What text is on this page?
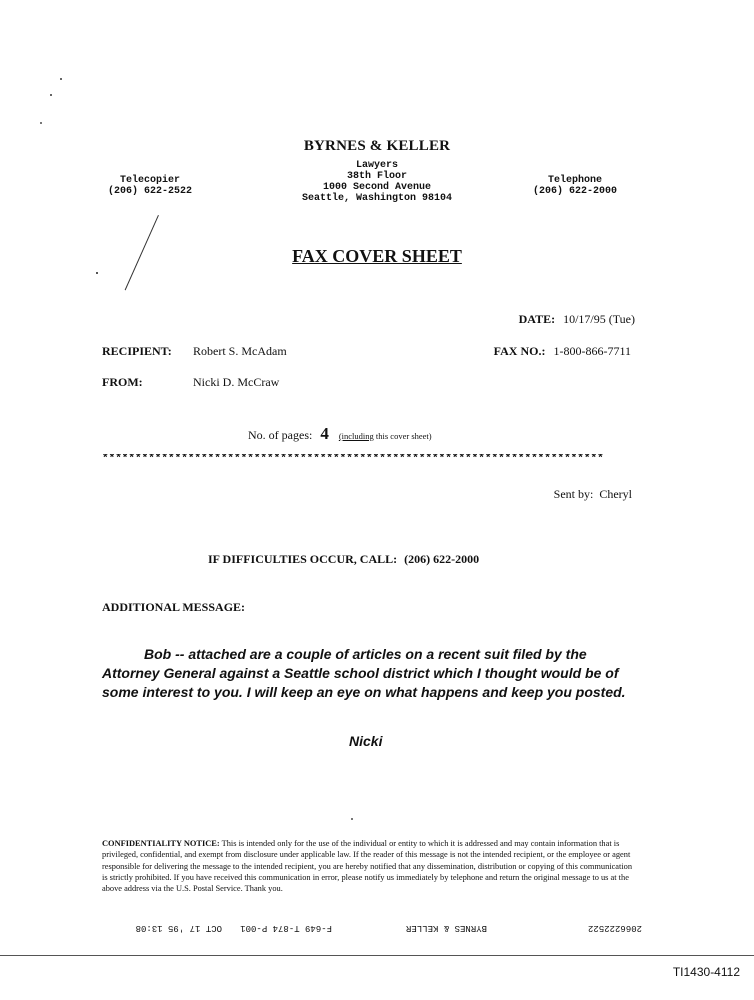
BYRNES & KELLER
Lawyers
38th Floor
1000 Second Avenue
Seattle, Washington 98104
Telecopier
(206) 622-2522
Telephone
(206) 622-2000
FAX COVER SHEET
DATE: 10/17/95 (Tue)
RECIPIENT: Robert S. McAdam	FAX NO.: 1-800-866-7711
FROM:	Nicki D. McCraw
No. of pages: 4 (including this cover sheet)
****************************************************************************
Sent by: Cheryl
IF DIFFICULTIES OCCUR, CALL: (206) 622-2000
ADDITIONAL MESSAGE:
Bob -- attached are a couple of articles on a recent suit filed by the Attorney General against a Seattle school district which I thought would be of some interest to you. I will keep an eye on what happens and keep you posted.
Nicki
CONFIDENTIALITY NOTICE: This is intended only for the use of the individual or entity to which it is addressed and may contain information that is privileged, confidential, and exempt from disclosure under applicable law. If the reader of this message is not the intended recipient, or the employee or agent responsible for delivering the message to the intended recipient, you are hereby notified that any dissemination, distribution or copying of this communication is strictly prohibited. If you have received this communication in error, please notify us immediately by telephone and return the original message to us at the above address via the U.S. Postal Service. Thank you.
2066222522
BYRNES & KELLER
F-649 T-874 P-001
OCT 17 '95 13:08
TI1430-4112
